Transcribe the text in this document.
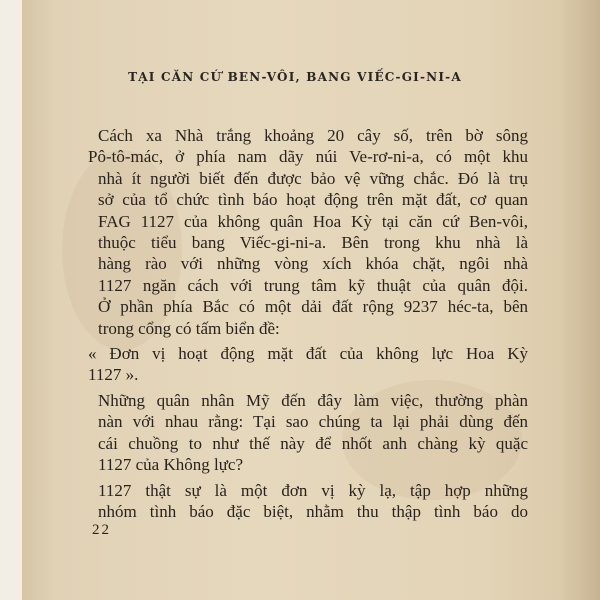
TẠI CĂN CỨ BEN-VÔI, BANG VIẾC-GI-NI-A

Cách xa Nhà trắng khoảng 20 cây số, trên bờ sông
Pô-tô-mác, ở phía nam dãy núi Ve-rơ-ni-a, có một khu
nhà ít người biết đến được bảo vệ vững chắc. Đó là trụ
sở của tổ chức tình báo hoạt động trên mặt đất, cơ quan
FAG 1127 của không quân Hoa Kỳ tại căn cứ Ben-vôi,
thuộc tiểu bang Viếc-gi-ni-a. Bên trong khu nhà là
hàng rào với những vòng xích khóa chặt, ngôi nhà
1127 ngăn cách với trung tâm kỹ thuật của quân đội.
Ở phần phía Bắc có một dải đất rộng 9237 héc-ta, bên
trong cổng có tấm biển đề:

« Đơn vị hoạt động mặt đất của không lực Hoa Kỳ
1127 ».

Những quân nhân Mỹ đến đây làm việc, thường phàn
nàn với nhau rằng: Tại sao chúng ta lại phải dùng đến
cái chuồng to như thế này để nhốt anh chàng kỳ quặc
1127 của Không lực?

1127 thật sự là một đơn vị kỳ lạ, tập hợp những
nhóm tình báo đặc biệt, nhằm thu thập tình báo do

22
